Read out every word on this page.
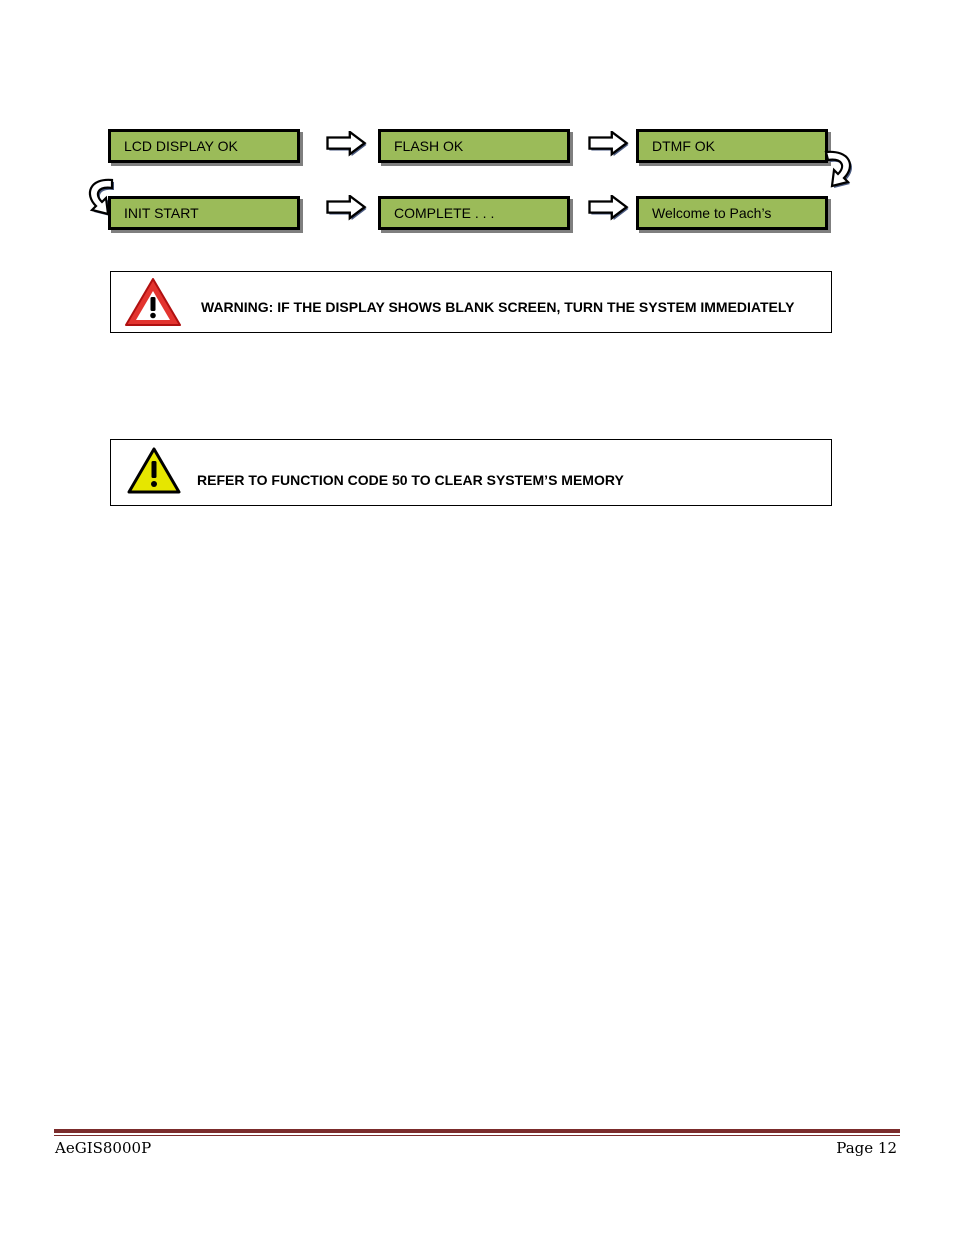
LCD DISPLAY OK	FLASH OK	DTMF OK
INIT START	COMPLETE . . .	Welcome to Pach’s
WARNING: IF THE DISPLAY SHOWS BLANK SCREEN, TURN THE SYSTEM IMMEDIATELY
REFER TO FUNCTION CODE 50 TO CLEAR SYSTEM’S MEMORY
AeGIS8000P	Page 12
